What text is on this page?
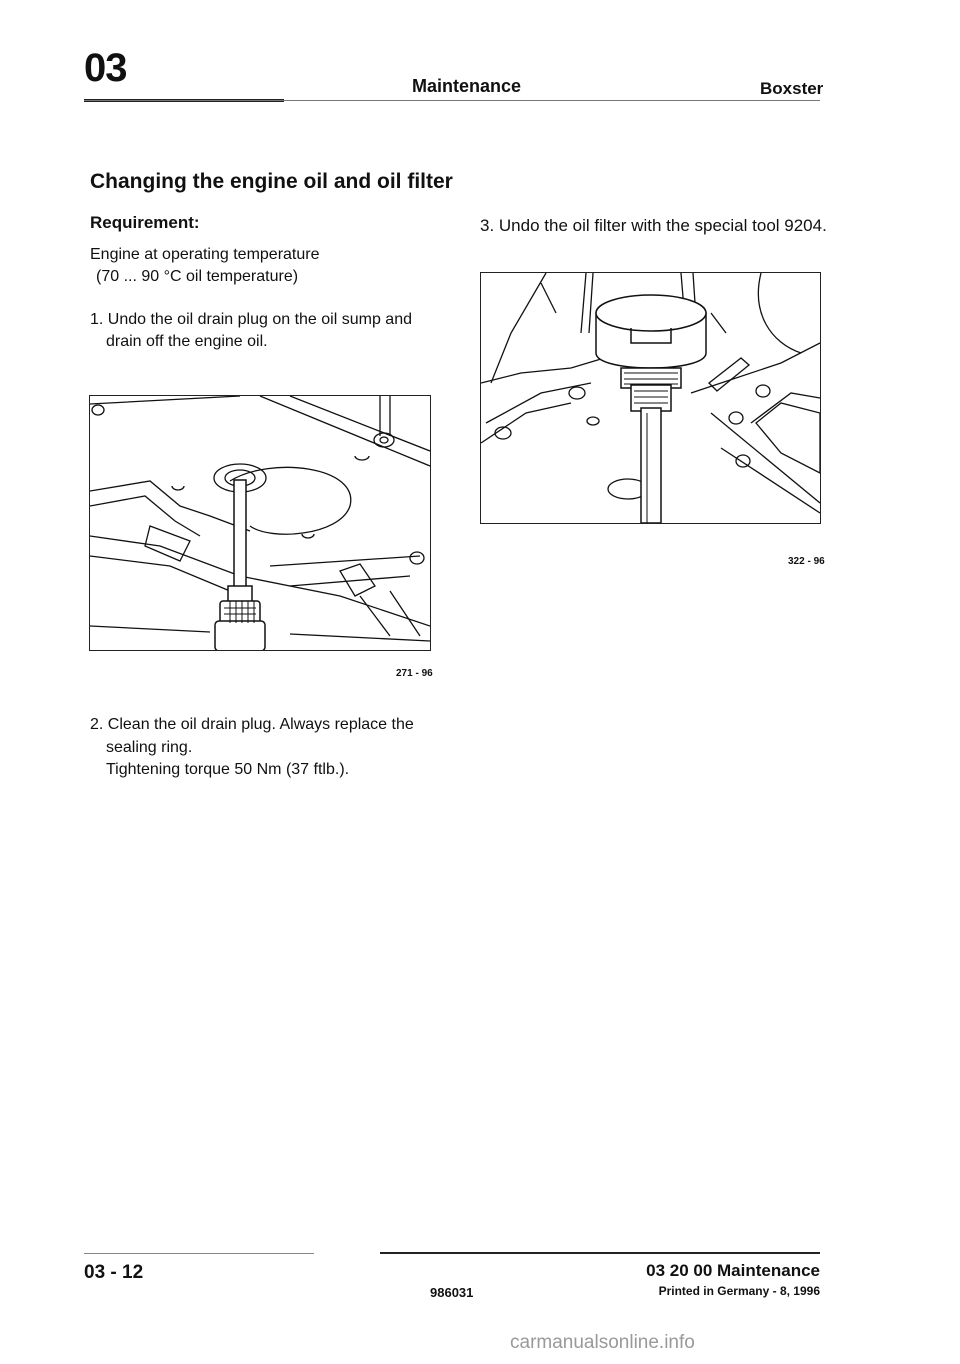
03	Maintenance	Boxster
Changing the engine oil and oil filter
Requirement:
Engine at operating temperature
(70 ... 90 °C oil temperature)
1. Undo the oil drain plug on the oil sump and
drain off the engine oil.
271 - 96
2. Clean the oil drain plug. Always replace the
sealing ring.
Tightening torque 50 Nm (37 ftlb.).
3. Undo the oil filter with the special tool 9204.
322 - 96
03 - 12
986031
03 20 00 Maintenance
Printed in Germany - 8, 1996
carmanualsonline.info
